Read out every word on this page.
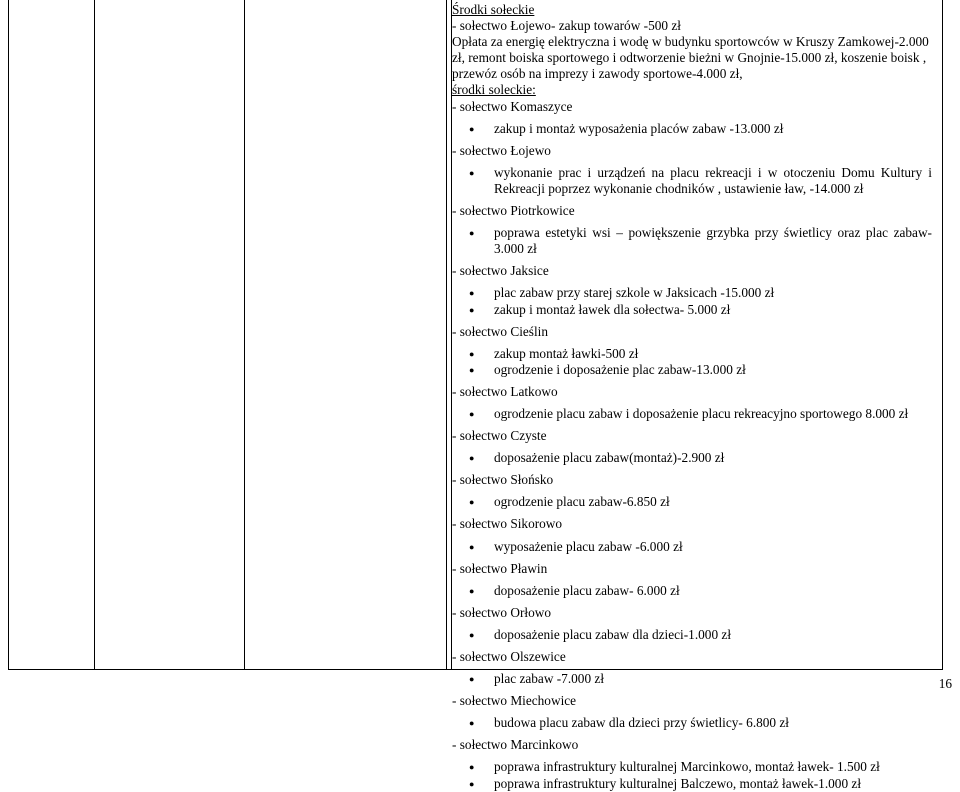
Środki sołeckie

- sołectwo Łojewo- zakup towarów -500 zł

Opłata za energię elektryczna i wodę w budynku sportowców w Kruszy Zamkowej-2.000 zł, remont boiska sportowego i odtworzenie bieżni w Gnojnie-15.000 zł, koszenie boisk , przewóz osób na imprezy i zawody sportowe-4.000 zł,

środki soleckie:

- sołectwo Komaszyce

● zakup i montaż wyposażenia placów zabaw -13.000 zł

- sołectwo Łojewo

● wykonanie prac i urządzeń na placu rekreacji i w otoczeniu Domu Kultury i Rekreacji poprzez wykonanie chodników , ustawienie ław, -14.000 zł

- sołectwo Piotrkowice

● poprawa estetyki wsi – powiększenie grzybka przy świetlicy oraz plac zabaw- 3.000 zł

- sołectwo Jaksice

● plac zabaw przy starej szkole w Jaksicach -15.000 zł
● zakup i montaż ławek dla sołectwa- 5.000 zł

- sołectwo Cieślin

● zakup montaż ławki-500 zł
● ogrodzenie i doposażenie plac zabaw-13.000 zł

- sołectwo Latkowo

● ogrodzenie placu zabaw i doposażenie placu rekreacyjno sportowego 8.000 zł

- sołectwo Czyste

● doposażenie placu zabaw(montaż)-2.900 zł

- sołectwo Słońsko

● ogrodzenie placu zabaw-6.850 zł

- sołectwo Sikorowo

● wyposażenie placu zabaw -6.000 zł

- sołectwo Pławin

● doposażenie placu zabaw- 6.000 zł

- sołectwo Orłowo

● doposażenie placu zabaw dla dzieci-1.000 zł

- sołectwo Olszewice

● plac zabaw -7.000 zł

- sołectwo Miechowice

● budowa placu zabaw dla dzieci przy świetlicy- 6.800 zł

- sołectwo Marcinkowo

● poprawa infrastruktury kulturalnej Marcinkowo, montaż ławek- 1.500 zł
● poprawa infrastruktury kulturalnej Balczewo, montaż ławek-1.000 zł
16
